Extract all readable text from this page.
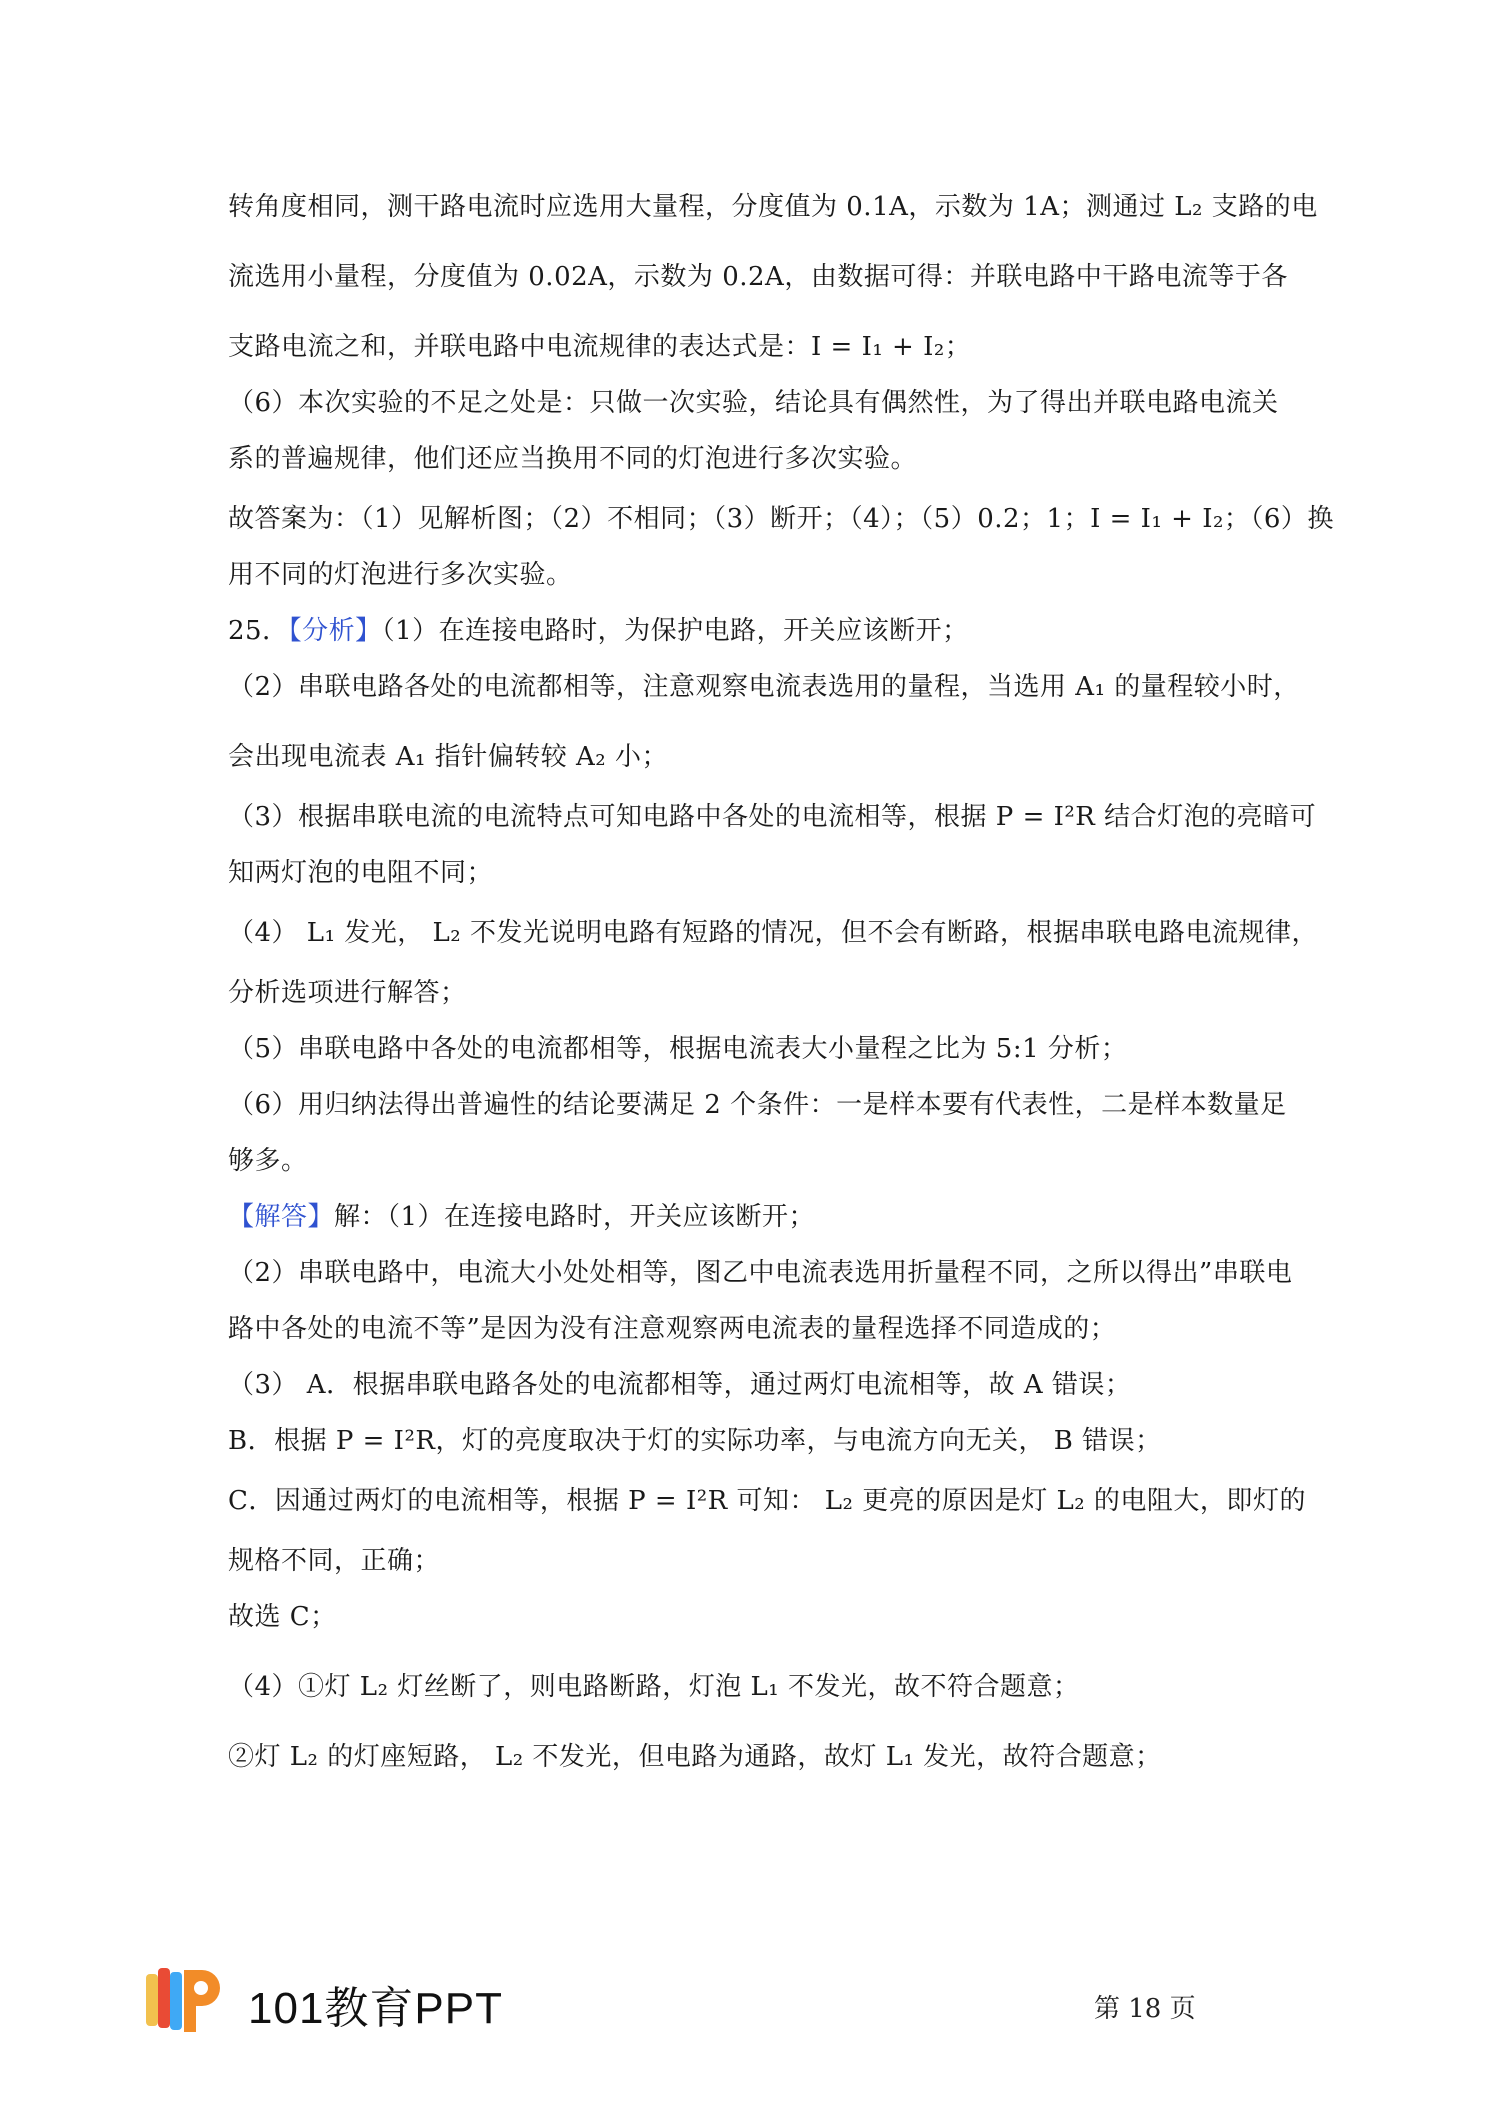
转角度相同，测干路电流时应选用大量程，分度值为 0.1A，示数为 1A；测通过 L₂ 支路的电

流选用小量程，分度值为 0.02A，示数为 0.2A，由数据可得：并联电路中干路电流等于各

支路电流之和，并联电路中电流规律的表达式是：I = I₁ + I₂；

（6）本次实验的不足之处是：只做一次实验，结论具有偶然性，为了得出并联电路电流关

系的普遍规律，他们还应当换用不同的灯泡进行多次实验。

故答案为：（1）见解析图；（2）不相同；（3）断开；（4）；（5）0.2；1；I = I₁ + I₂；（6）换

用不同的灯泡进行多次实验。

25．【分析】（1）在连接电路时，为保护电路，开关应该断开；

（2）串联电路各处的电流都相等，注意观察电流表选用的量程，当选用 A₁ 的量程较小时，

会出现电流表 A₁ 指针偏转较 A₂ 小；

（3）根据串联电流的电流特点可知电路中各处的电流相等，根据 P = I²R 结合灯泡的亮暗可

知两灯泡的电阻不同；

（4） L₁ 发光， L₂ 不发光说明电路有短路的情况，但不会有断路，根据串联电路电流规律，

分析选项进行解答；

（5）串联电路中各处的电流都相等，根据电流表大小量程之比为 5:1 分析；

（6）用归纳法得出普遍性的结论要满足 2 个条件：一是样本要有代表性，二是样本数量足

够多。

【解答】解：（1）在连接电路时，开关应该断开；

（2）串联电路中，电流大小处处相等，图乙中电流表选用折量程不同，之所以得出”串联电

路中各处的电流不等”是因为没有注意观察两电流表的量程选择不同造成的；

（3） A．根据串联电路各处的电流都相等，通过两灯电流相等，故 A 错误；

B．根据 P = I²R，灯的亮度取决于灯的实际功率，与电流方向无关， B 错误；

C．因通过两灯的电流相等，根据 P = I²R 可知： L₂ 更亮的原因是灯 L₂ 的电阻大，即灯的

规格不同，正确；

故选 C；

（4）①灯 L₂ 灯丝断了，则电路断路，灯泡 L₁ 不发光，故不符合题意；

②灯 L₂ 的灯座短路， L₂ 不发光，但电路为通路，故灯 L₁ 发光，故符合题意；

101教育PPT	第 18 页
